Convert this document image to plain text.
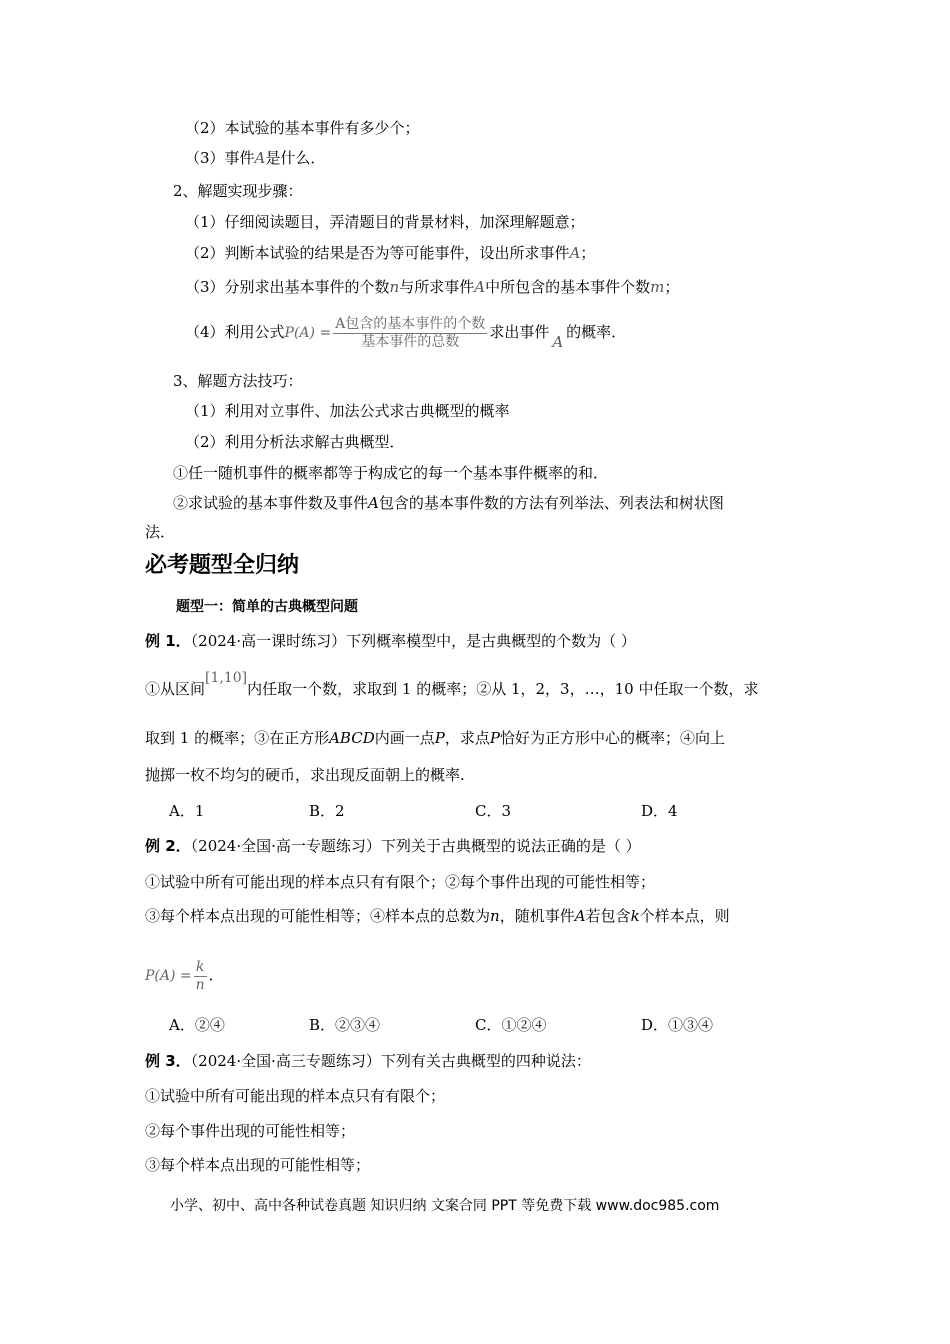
（2）本试验的基本事件有多少个；
（3）事件A是什么．
2、解题实现步骤：
（1）仔细阅读题目，弄清题目的背景材料，加深理解题意；
（2）判断本试验的结果是否为等可能事件，设出所求事件A；
（3）分别求出基本事件的个数n与所求事件A中所包含的基本事件个数m；
（4）利用公式$P(A) = \frac{\text{A包含的基本事件的个数}}{\text{基本事件的总数}}$ 求出事件A的概率．
3、解题方法技巧：
（1）利用对立事件、加法公式求古典概型的概率
（2）利用分析法求解古典概型．
①任一随机事件的概率都等于构成它的每一个基本事件概率的和．
②求试验的基本事件数及事件A包含的基本事件数的方法有列举法、列表法和树状图
法．
必考题型全归纳
题型一：简单的古典概型问题
例 1．（2024·高一课时练习）下列概率模型中，是古典概型的个数为（ ）
①从区间[1,10]内任取一个数，求取到 1 的概率；②从 1，2，3，…，10 中任取一个数，求
取到 1 的概率；③在正方形ABCD内画一点P，求点P恰好为正方形中心的概率；④向上
抛掷一枚不均匀的硬币，求出现反面朝上的概率.
A．1	B．2	C．3	D．4
例 2．（2024·全国·高一专题练习）下列关于古典概型的说法正确的是（ ）
①试验中所有可能出现的样本点只有有限个；②每个事件出现的可能性相等；
③每个样本点出现的可能性相等；④样本点的总数为n，随机事件A若包含k个样本点，则
$P(A) = \frac{k}{n}$ ．
A．②④	B．②③④	C．①②④	D．①③④
例 3．（2024·全国·高三专题练习）下列有关古典概型的四种说法：
①试验中所有可能出现的样本点只有有限个；
②每个事件出现的可能性相等；
③每个样本点出现的可能性相等；
小学、初中、高中各种试卷真题 知识归纳 文案合同 PPT 等免费下载 www.doc985.com
